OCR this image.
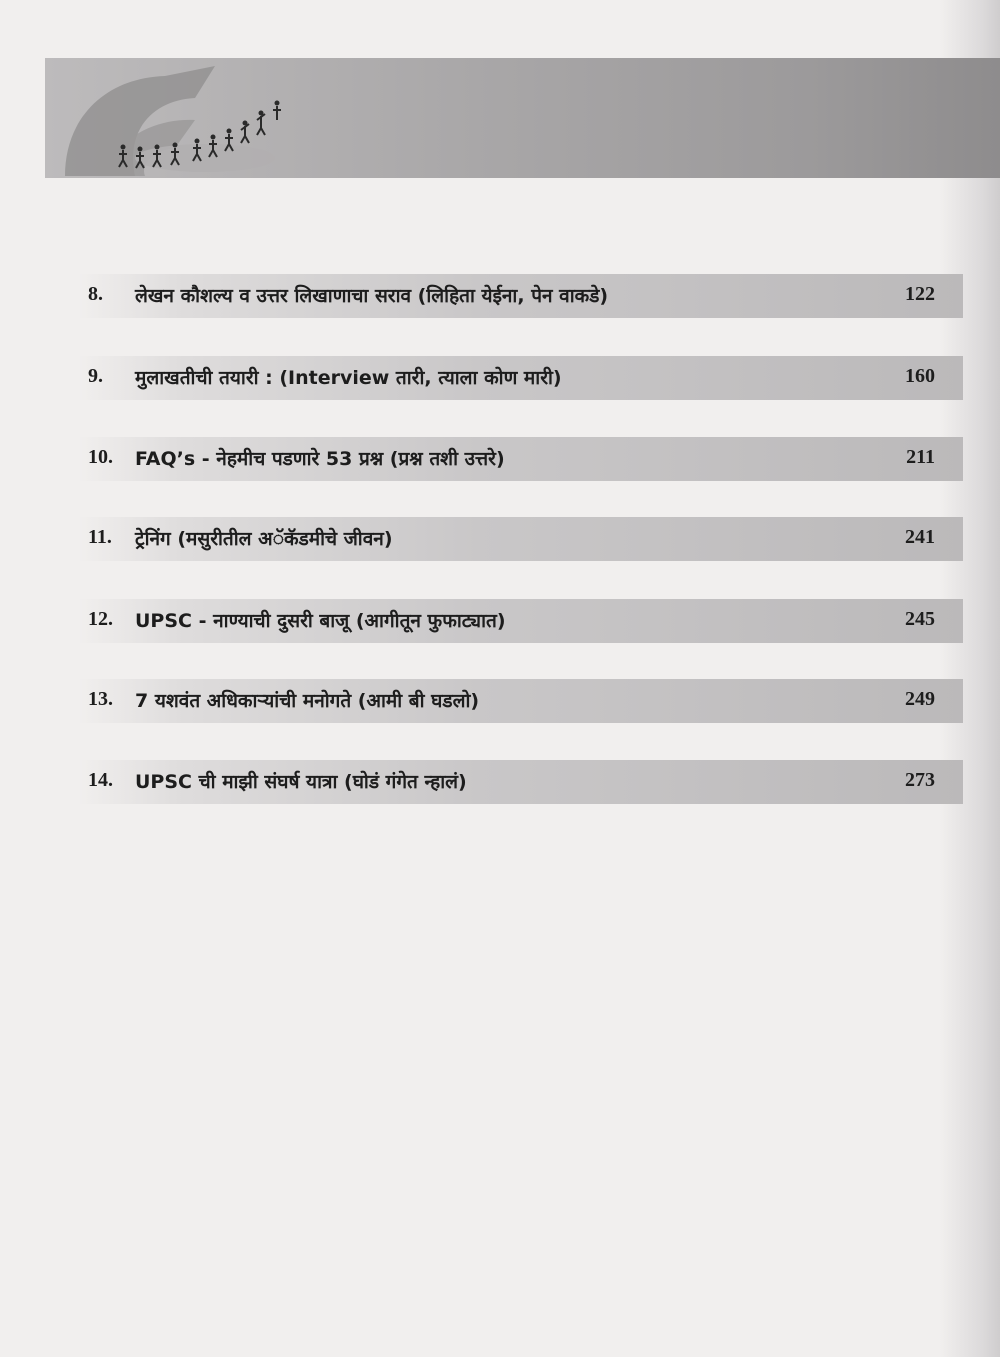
8. लेखन कौशल्य व उत्तर लिखाणाचा सराव (लिहिता येईना, पेन वाकडे)	122
9. मुलाखतीची तयारी : (Interview तारी, त्याला कोण मारी)	160
10. FAQ’s - नेहमीच पडणारे 53 प्रश्न (प्रश्न तशी उत्तरे)	211
11. ट्रेनिंग (मसुरीतील अॅकॅडमीचे जीवन)	241
12. UPSC - नाण्याची दुसरी बाजू (आगीतून फुफाट्यात)	245
13. 7 यशवंत अधिकाऱ्यांची मनोगते (आमी बी घडलो)	249
14. UPSC ची माझी संघर्ष यात्रा (घोडं गंगेत न्हालं)	273
